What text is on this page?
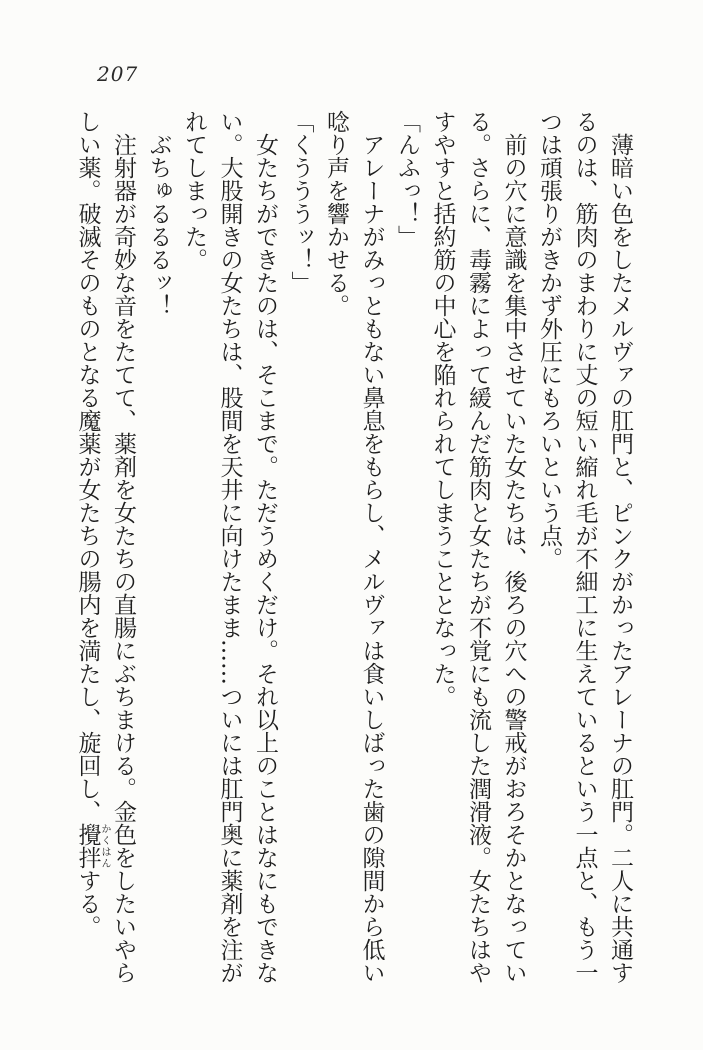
207

薄暗い色をしたメルヴァの肛門と、ピンクがかったアレーナの肛門。二人に共通するのは、筋肉のまわりに丈の短い縮れ毛が不細工に生えているという一点と、もう一つは頑張りがきかず外圧にもろいという点。

前の穴に意識を集中させていた女たちは、後ろの穴への警戒がおろそかとなっている。さらに、毒霧によって緩んだ筋肉と女たちが不覚にも流した潤滑液。女たちはやすやすと括約筋の中心を陥れられてしまうこととなった。

「んふっ！」

アレーナがみっともない鼻息をもらし、メルヴァは食いしばった歯の隙間から低い唸り声を響かせる。

「くうううッ！」

女たちができたのは、そこまで。ただうめくだけ。それ以上のことはなにもできない。大股開きの女たちは、股間を天井に向けたまま……ついには肛門奥に薬剤を注がれてしまった。

ぶちゅるるるッ！

注射器が奇妙な音をたてて、薬剤を女たちの直腸にぶちまける。金色をしたいやらしい薬。破滅そのものとなる魔薬が女たちの腸内を満たし、旋回し、攪拌かくはんする。
